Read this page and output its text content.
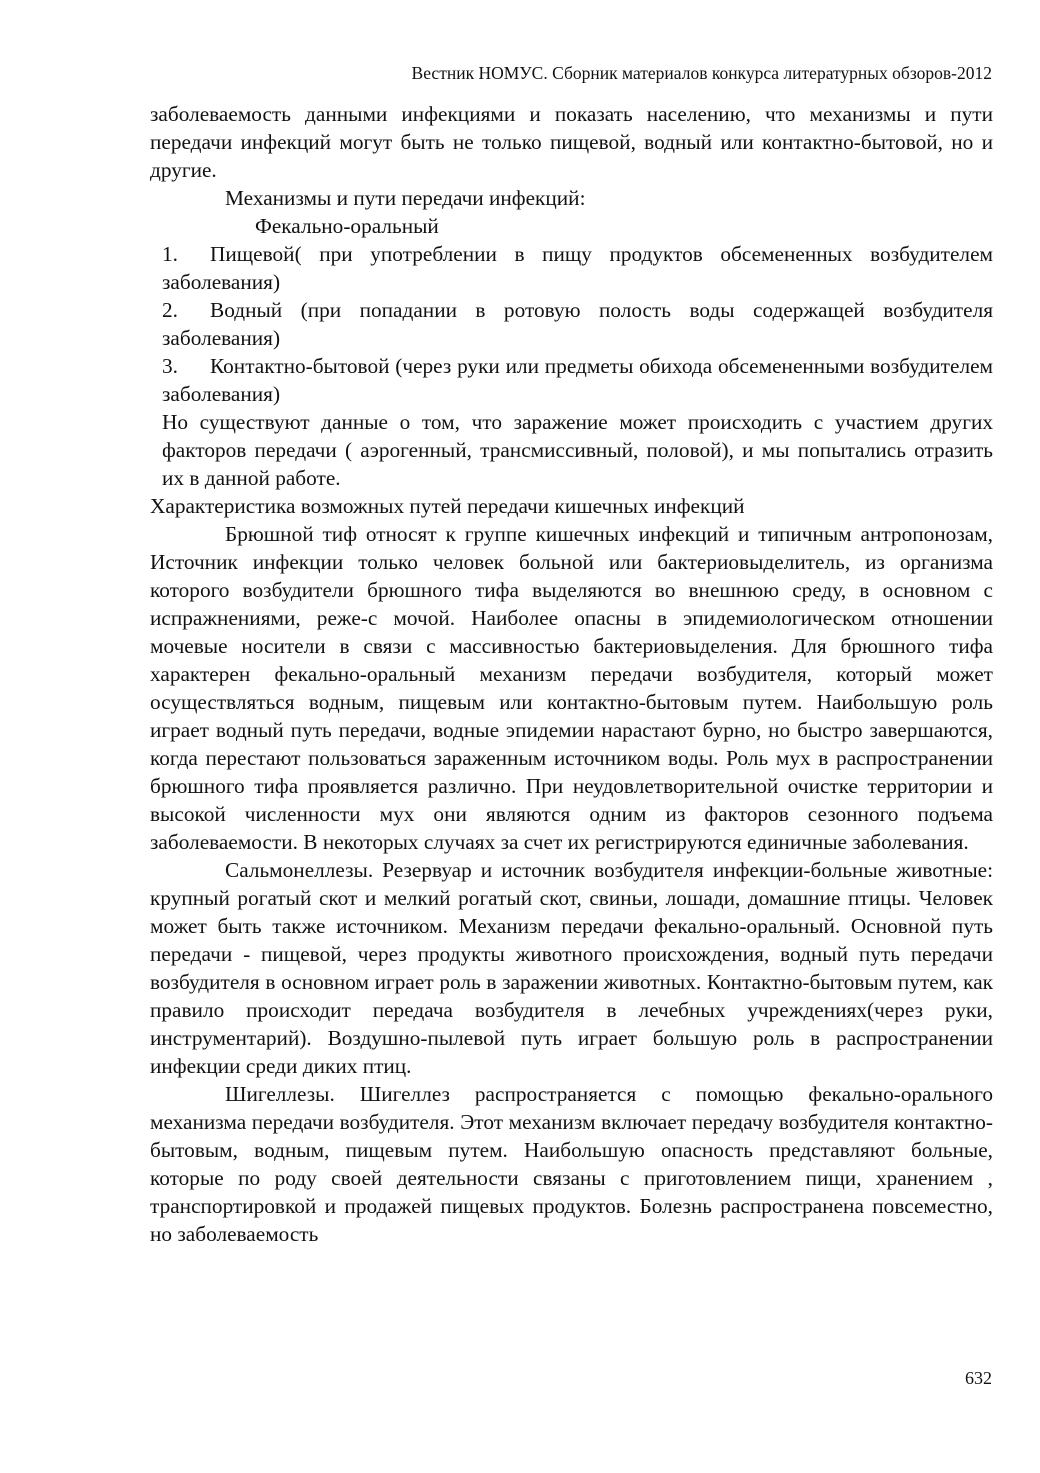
Вестник НОМУС. Сборник материалов конкурса литературных обзоров-2012

заболеваемость данными инфекциями и показать населению, что механизмы и пути передачи инфекций могут быть не только пищевой, водный или контактно-бытовой, но и другие.

Механизмы и пути передачи инфекций:

Фекально-оральный

1. Пищевой( при употреблении в пищу продуктов обсемененных возбудителем заболевания)

2. Водный (при попадании в ротовую полость воды содержащей возбудителя заболевания)

3. Контактно-бытовой (через руки или предметы обихода обсемененными возбудителем заболевания)

Но существуют данные о том, что заражение может происходить с участием других факторов передачи ( аэрогенный, трансмиссивный, половой), и мы попытались отразить их в данной работе.

Характеристика возможных путей передачи кишечных инфекций

Брюшной тиф относят к группе кишечных инфекций и типичным антропонозам, Источник инфекции только человек больной или бактериовыделитель, из организма которого возбудители брюшного тифа выделяются во внешнюю среду, в основном с испражнениями, реже-с мочой. Наиболее опасны в эпидемиологическом отношении мочевые носители в связи с массивностью бактериовыделения. Для брюшного тифа характерен фекально-оральный механизм передачи возбудителя, который может осуществляться водным, пищевым или контактно-бытовым путем. Наибольшую роль играет водный путь передачи, водные эпидемии нарастают бурно, но быстро завершаются, когда перестают пользоваться зараженным источником воды. Роль мух в распространении брюшного тифа проявляется различно. При неудовлетворительной очистке территории и высокой численности мух они являются одним из факторов сезонного подъема заболеваемости. В некоторых случаях за счет их регистрируются единичные заболевания.

Сальмонеллезы. Резервуар и источник возбудителя инфекции-больные животные: крупный рогатый скот и мелкий рогатый скот, свиньи, лошади, домашние птицы. Человек может быть также источником. Механизм передачи фекально-оральный. Основной путь передачи - пищевой, через продукты животного происхождения, водный путь передачи возбудителя в основном играет роль в заражении животных. Контактно-бытовым путем, как правило происходит передача возбудителя в лечебных учреждениях(через руки, инструментарий). Воздушно-пылевой путь играет большую роль в распространении инфекции среди диких птиц.

Шигеллезы. Шигеллез распространяется с помощью фекально-орального механизма передачи возбудителя. Этот механизм включает передачу возбудителя контактно-бытовым, водным, пищевым путем. Наибольшую опасность представляют больные, которые по роду своей деятельности связаны с приготовлением пищи, хранением , транспортировкой и продажей пищевых продуктов. Болезнь распространена повсеместно, но заболеваемость

632
